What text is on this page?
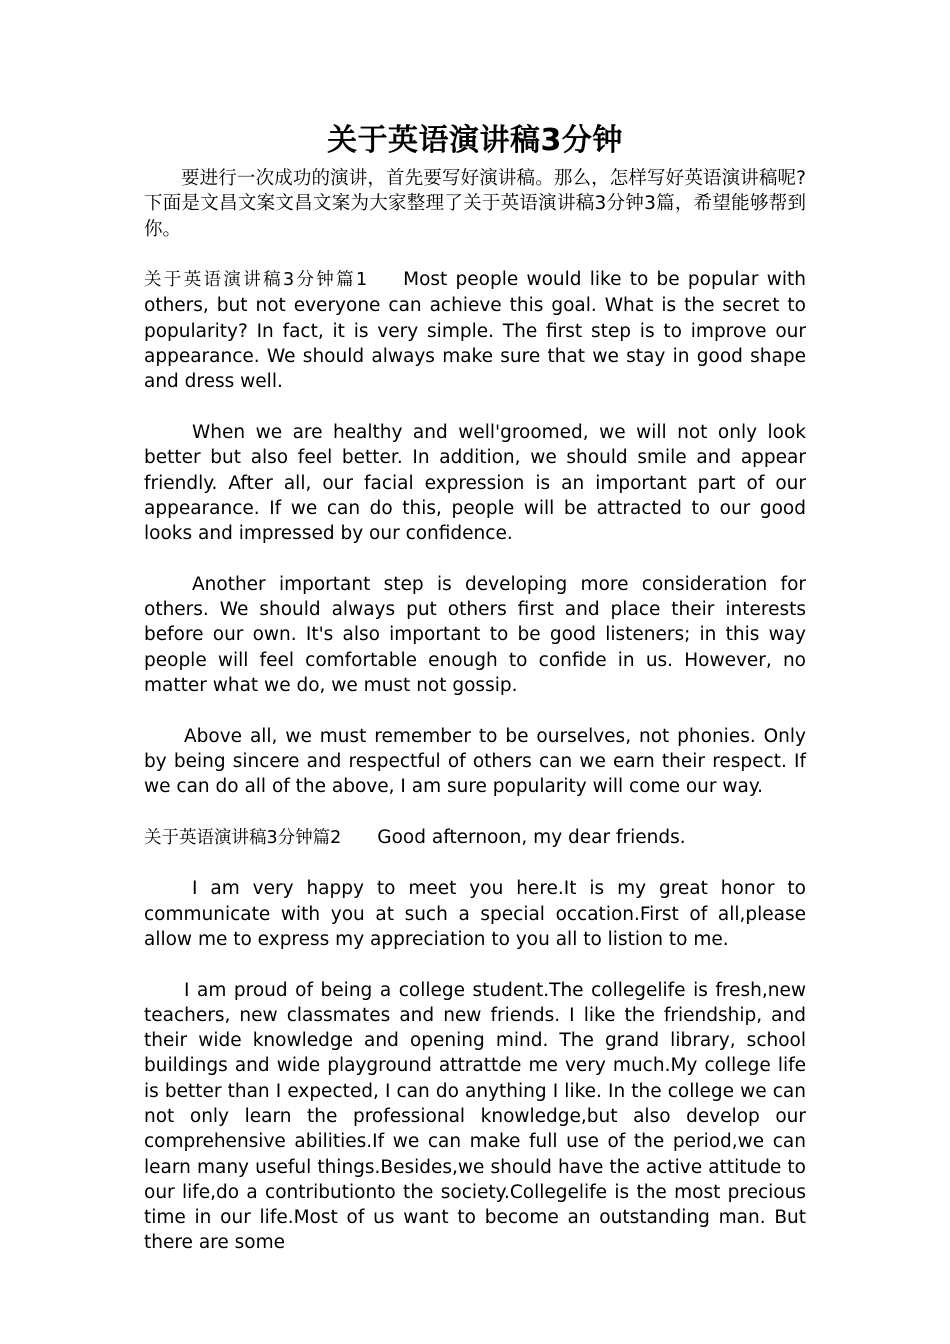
关于英语演讲稿3分钟

要进行一次成功的演讲，首先要写好演讲稿。那么，怎样写好英语演讲稿呢?下面是文昌文案文昌文案为大家整理了关于英语演讲稿3分钟3篇，希望能够帮到你。

关于英语演讲稿3分钟篇1 Most people would like to be popular with others, but not everyone can achieve this goal. What is the secret to popularity? In fact, it is very simple. The first step is to improve our appearance. We should always make sure that we stay in good shape and dress well.

When we are healthy and well'groomed, we will not only look better but also feel better. In addition, we should smile and appear friendly. After all, our facial expression is an important part of our appearance. If we can do this, people will be attracted to our good looks and impressed by our confidence.

Another important step is developing more consideration for others. We should always put others first and place their interests before our own. It's also important to be good listeners; in this way people will feel comfortable enough to confide in us. However, no matter what we do, we must not gossip.

Above all, we must remember to be ourselves, not phonies. Only by being sincere and respectful of others can we earn their respect. If we can do all of the above, I am sure popularity will come our way.

关于英语演讲稿3分钟篇2 Good afternoon, my dear friends.

I am very happy to meet you here.It is my great honor to communicate with you at such a special occation.First of all,please allow me to express my appreciation to you all to listion to me.

I am proud of being a college student.The collegelife is fresh,new teachers, new classmates and new friends. I like the friendship, and their wide knowledge and opening mind. The grand library, school buildings and wide playground attrattde me very much.My college life is better than I expected, I can do anything I like. In the college we can not only learn the professional knowledge,but also develop our comprehensive abilities.If we can make full use of the period,we can learn many useful things.Besides,we should have the active attitude to our life,do a contributionto the society.Collegelife is the most precious time in our life.Most of us want to become an outstanding man. But there are some
